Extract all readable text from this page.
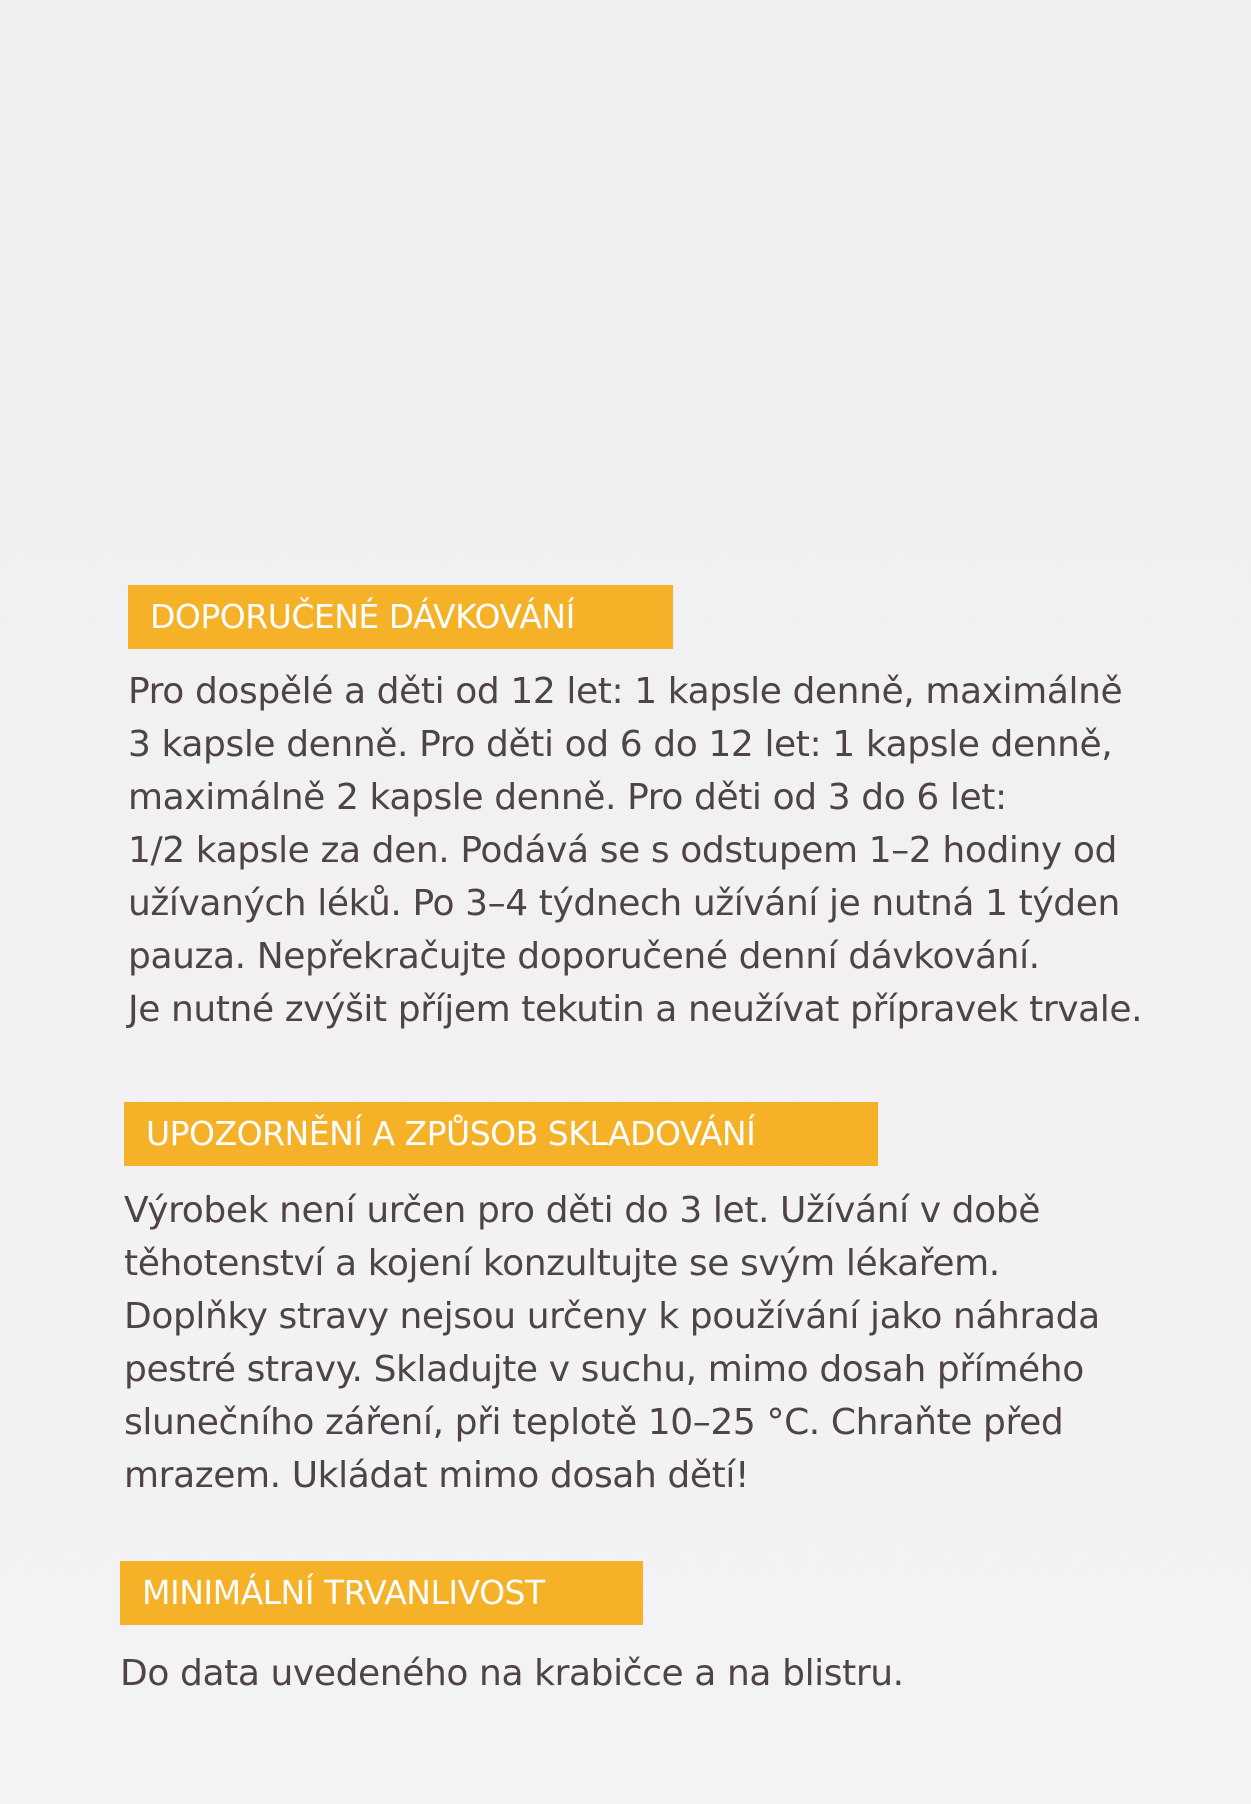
DOPORUČENÉ DÁVKOVÁNÍ
Pro dospělé a děti od 12 let: 1 kapsle denně, maximálně
3 kapsle denně. Pro děti od 6 do 12 let: 1 kapsle denně,
maximálně 2 kapsle denně. Pro děti od 3 do 6 let:
1/2 kapsle za den. Podává se s odstupem 1–2 hodiny od
užívaných léků. Po 3–4 týdnech užívání je nutná 1 týden
pauza. Nepřekračujte doporučené denní dávkování.
Je nutné zvýšit příjem tekutin a neužívat přípravek trvale.
UPOZORNĚNÍ A ZPŮSOB SKLADOVÁNÍ
Výrobek není určen pro děti do 3 let. Užívání v době
těhotenství a kojení konzultujte se svým lékařem.
Doplňky stravy nejsou určeny k používání jako náhrada
pestré stravy. Skladujte v suchu, mimo dosah přímého
slunečního záření, při teplotě 10–25 °C. Chraňte před
mrazem. Ukládat mimo dosah dětí!
MINIMÁLNÍ TRVANLIVOST
Do data uvedeného na krabičce a na blistru.
